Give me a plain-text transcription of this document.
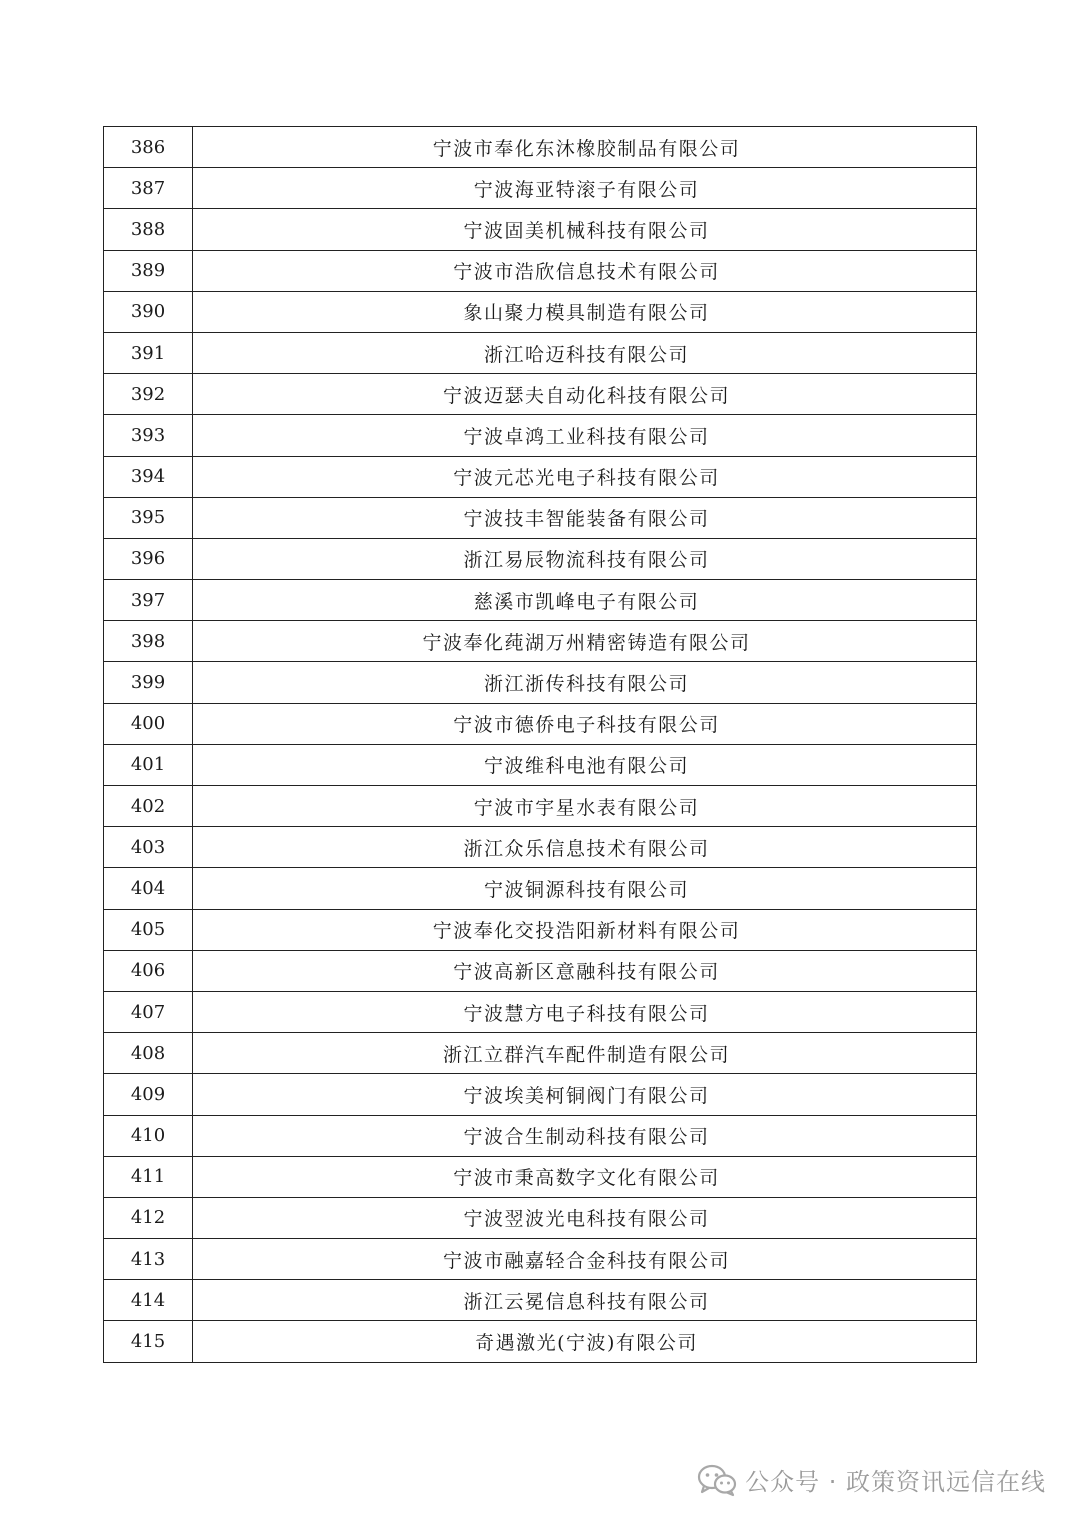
386	宁波市奉化东沐橡胶制品有限公司
387	宁波海亚特滚子有限公司
388	宁波固美机械科技有限公司
389	宁波市浩欣信息技术有限公司
390	象山聚力模具制造有限公司
391	浙江哈迈科技有限公司
392	宁波迈瑟夫自动化科技有限公司
393	宁波卓鸿工业科技有限公司
394	宁波元芯光电子科技有限公司
395	宁波技丰智能装备有限公司
396	浙江易辰物流科技有限公司
397	慈溪市凯峰电子有限公司
398	宁波奉化莼湖万州精密铸造有限公司
399	浙江浙传科技有限公司
400	宁波市德侨电子科技有限公司
401	宁波维科电池有限公司
402	宁波市宇星水表有限公司
403	浙江众乐信息技术有限公司
404	宁波铜源科技有限公司
405	宁波奉化交投浩阳新材料有限公司
406	宁波高新区意融科技有限公司
407	宁波慧方电子科技有限公司
408	浙江立群汽车配件制造有限公司
409	宁波埃美柯铜阀门有限公司
410	宁波合生制动科技有限公司
411	宁波市秉高数字文化有限公司
412	宁波翌波光电科技有限公司
413	宁波市融嘉轻合金科技有限公司
414	浙江云冕信息科技有限公司
415	奇遇激光(宁波)有限公司
公众号 · 政策资讯远信在线
